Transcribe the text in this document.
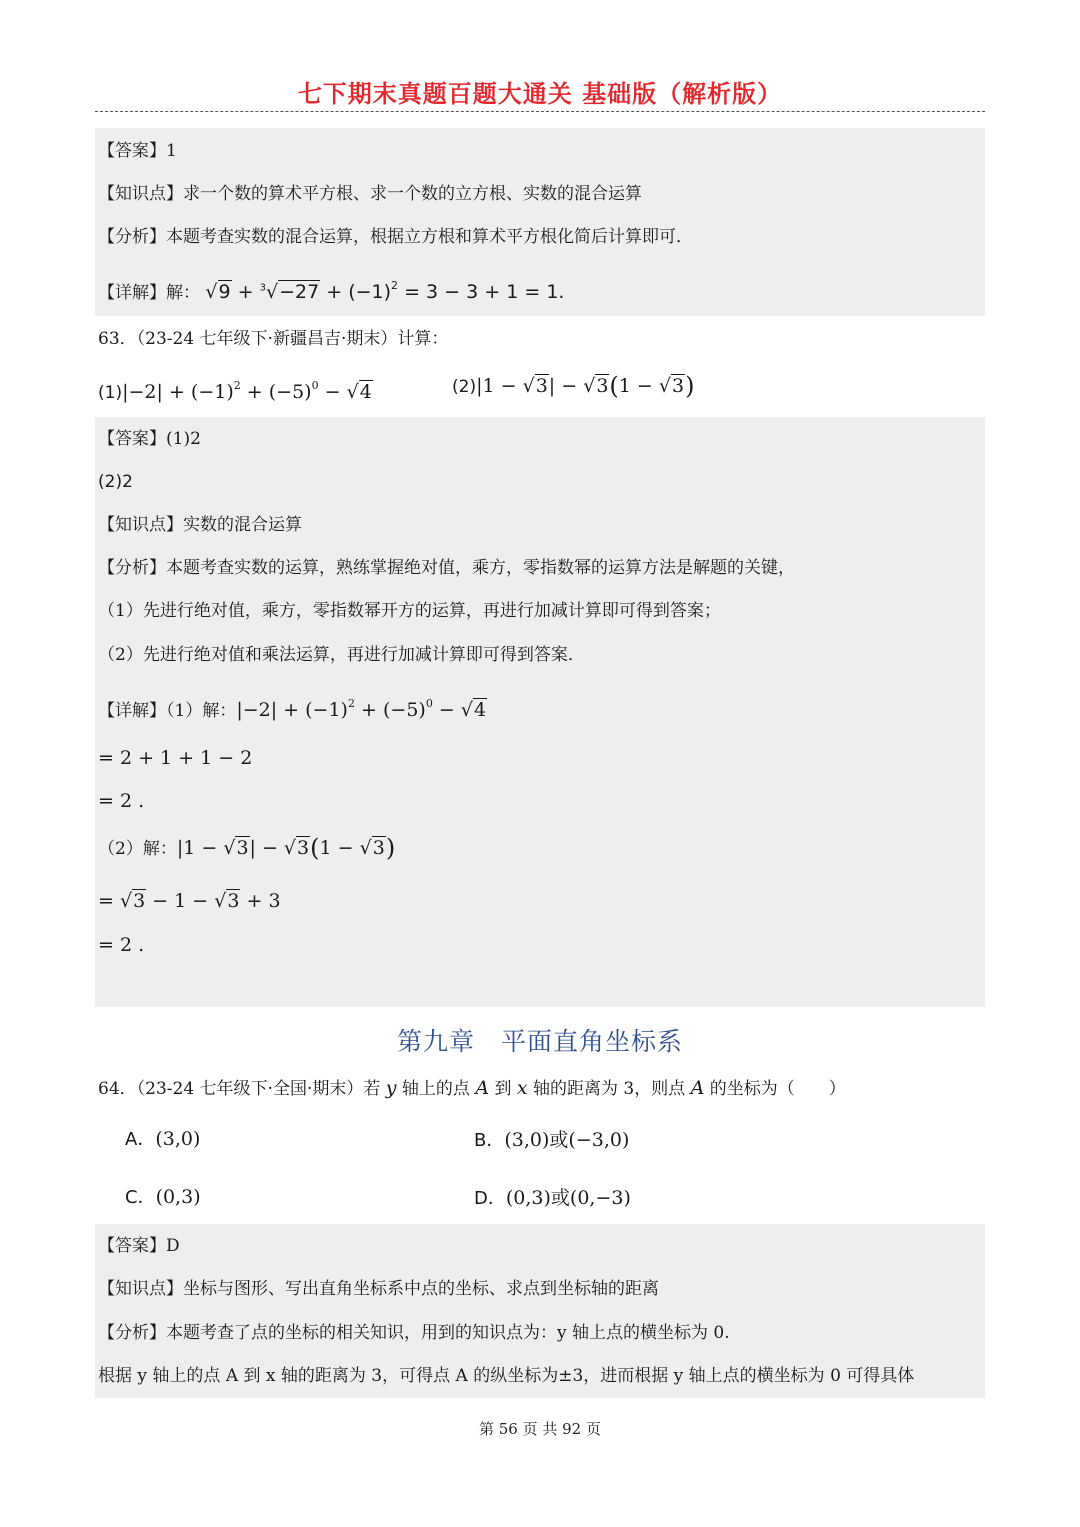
七下期末真题百题大通关 基础版（解析版）
【答案】1
【知识点】求一个数的算术平方根、求一个数的立方根、实数的混合运算
【分析】本题考查实数的混合运算，根据立方根和算术平方根化简后计算即可．
【详解】解： $√9 + ^3√-27 + (-1)^2 = 3 - 3 + 1 = 1$.
63．（23-24 七年级下·新疆昌吉·期末）计算：
$(1)|-2| + (-1)^2 + (-5)^0 - √4$	(2)|1 − √3| − √3(1 − √3)
【答案】(1)2
(2)2
【知识点】实数的混合运算
【分析】本题考查实数的运算，熟练掌握绝对值，乘方，零指数幂的运算方法是解题的关键，
（1）先进行绝对值，乘方，零指数幂开方的运算，再进行加减计算即可得到答案；
（2）先进行绝对值和乘法运算，再进行加减计算即可得到答案．
【详解】（1）解：$|-2| + (-1)^2 + (-5)^0 - √4$
= 2 + 1 + 1 − 2
= 2 .
（2）解：|1 − √3| − √3(1 − √3)
= √3 − 1 − √3 + 3
= 2 .
第九章　平面直角坐标系
64．（23-24 七年级下·全国·期末）若 y 轴上的点 A 到 x 轴的距离为 3，则点 A 的坐标为（　　）
A．(3,0)	B．(3,0)或(−3,0)
C．(0,3)	D．(0,3)或(0,−3)
【答案】D
【知识点】坐标与图形、写出直角坐标系中点的坐标、求点到坐标轴的距离
【分析】本题考查了点的坐标的相关知识，用到的知识点为：y 轴上点的横坐标为 0.
根据 y 轴上的点 A 到 x 轴的距离为 3，可得点 A 的纵坐标为±3，进而根据 y 轴上点的横坐标为 0 可得具体
第 56 页 共 92 页
